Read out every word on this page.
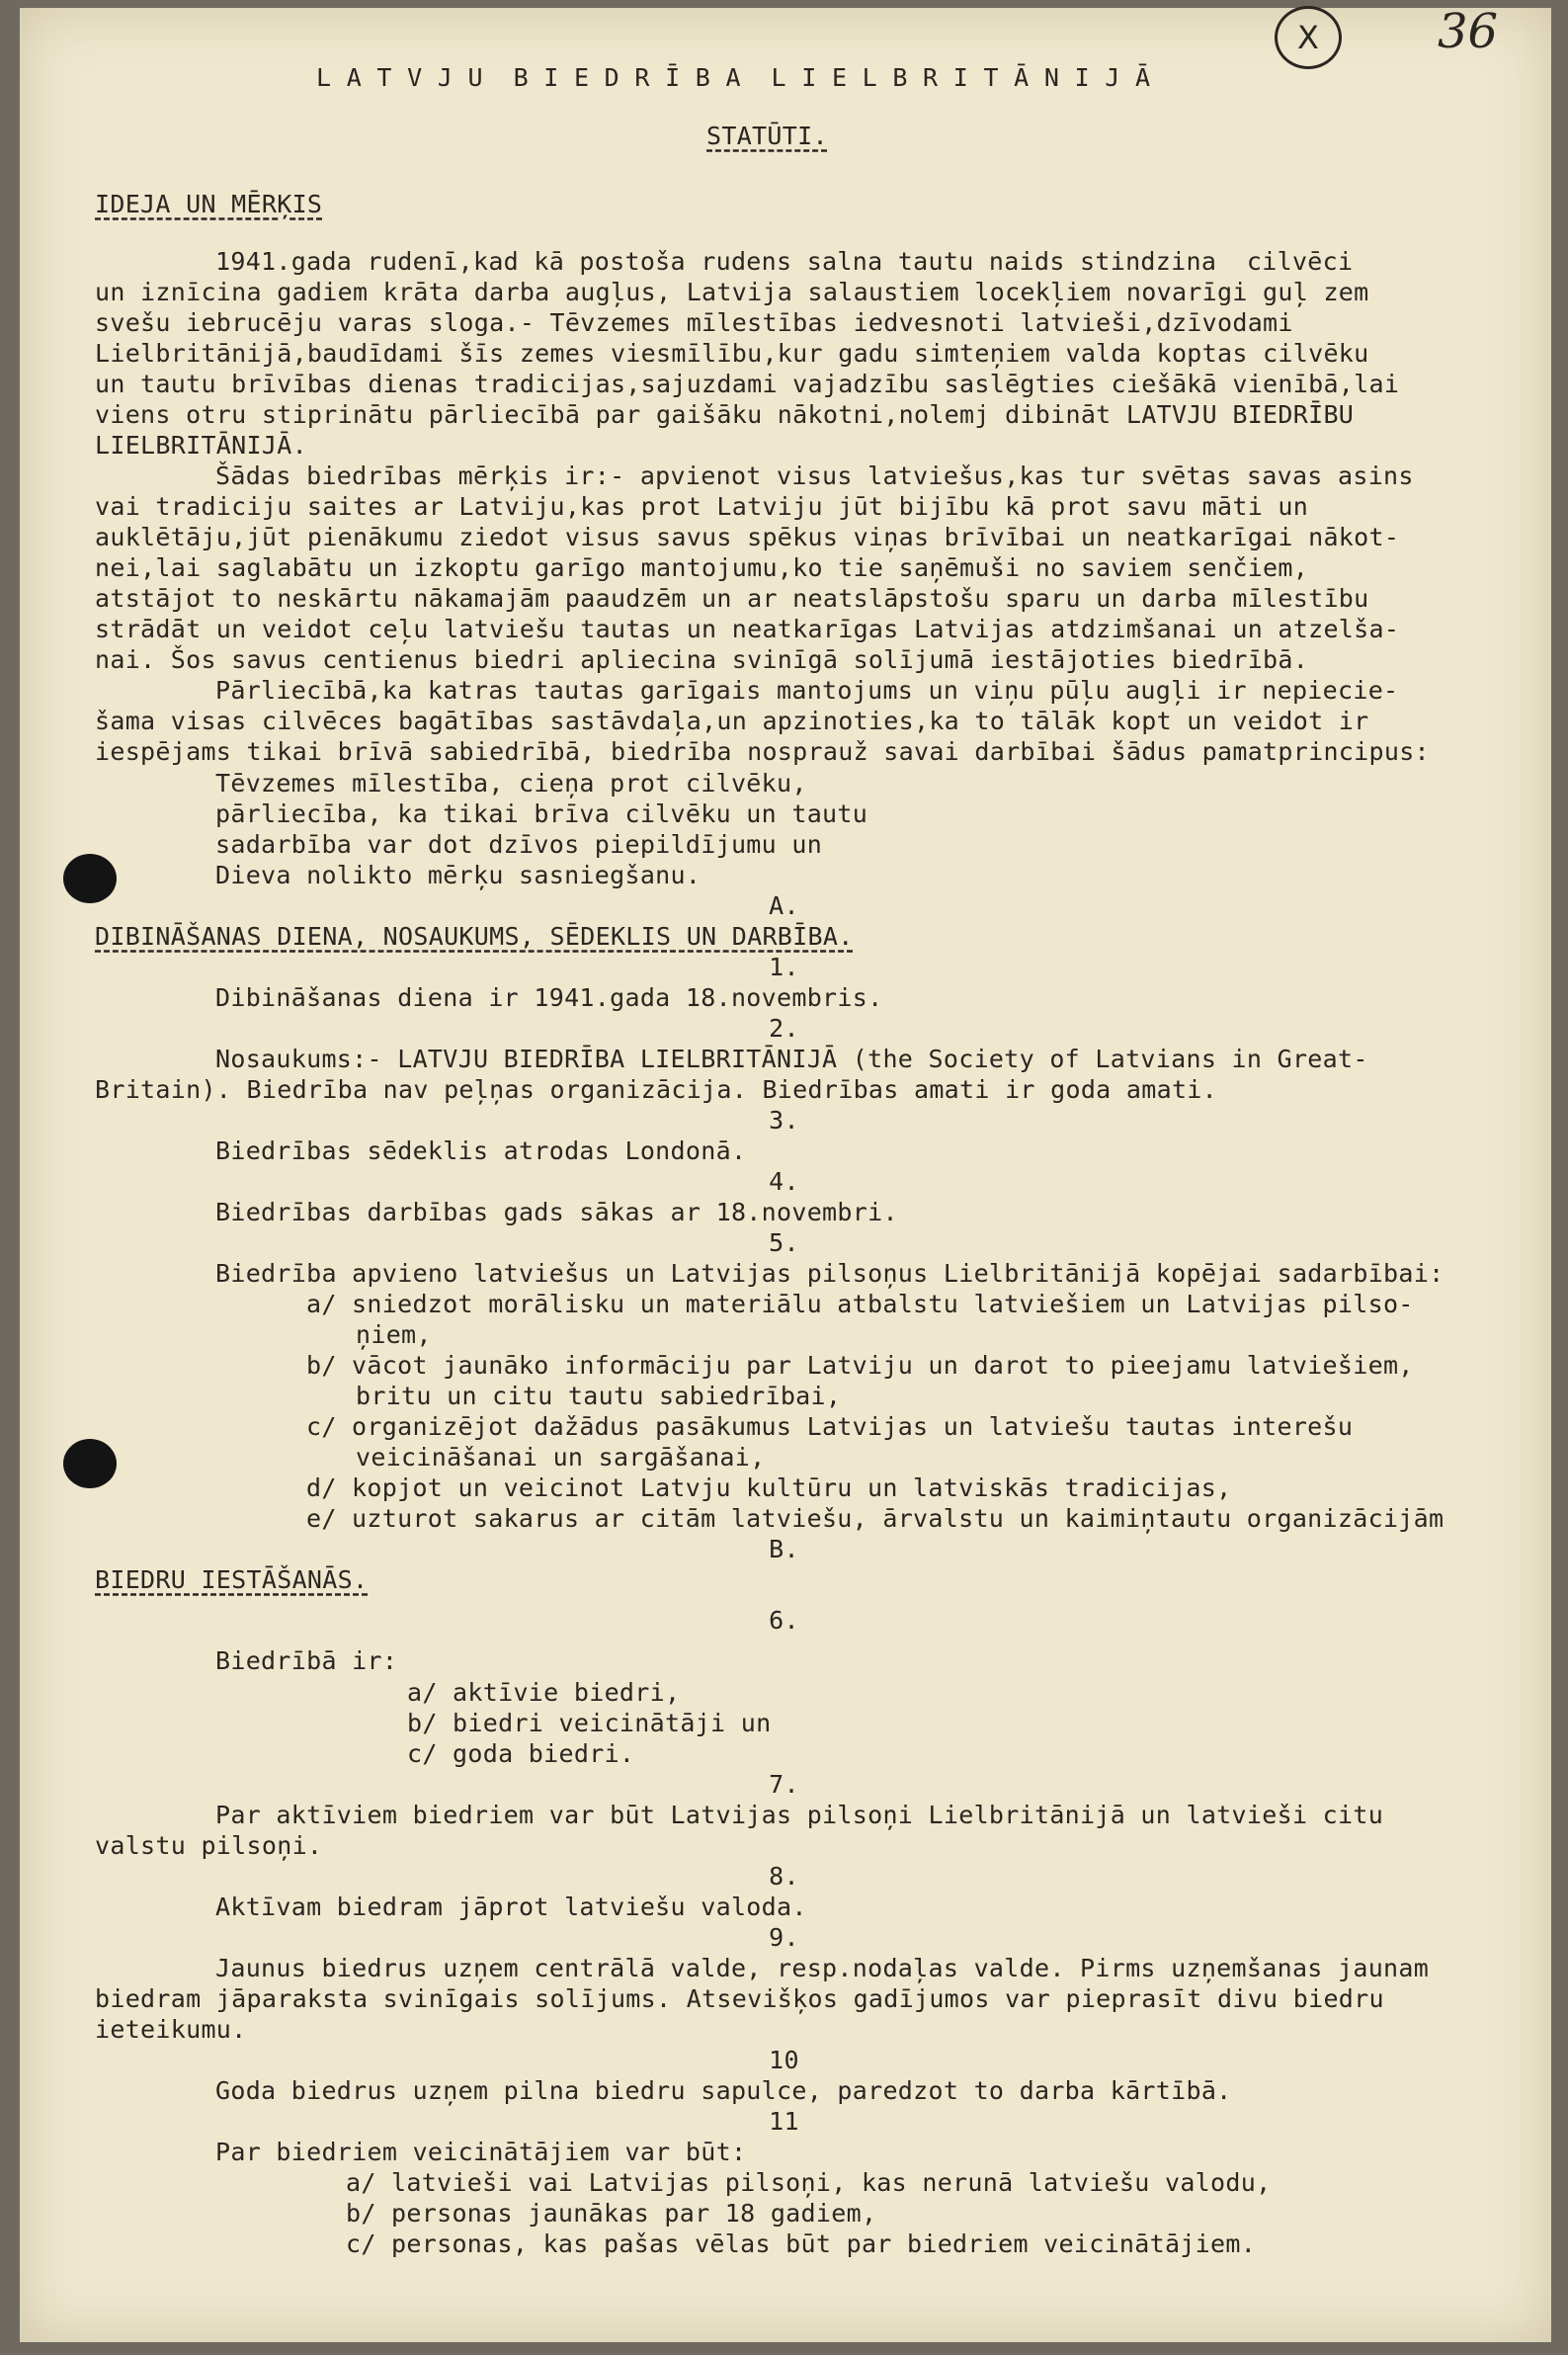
X	36
L A T V J U  B I E D R Ī B A  L I E L B R I T Ā N I J Ā
STATŪTI.
IDEJA UN MĒRĶIS
1941.gada rudenī,kad kā postoša rudens salna tautu naids stindzina  cilvēci
un iznīcina gadiem krāta darba augļus, Latvija salaustiem locekļiem novarīgi guļ zem
svešu iebrucēju varas sloga.- Tēvzemes mīlestības iedvesnoti latvieši,dzīvodami
Lielbritānijā,baudīdami šīs zemes viesmīlību,kur gadu simteņiem valda koptas cilvēku
un tautu brīvības dienas tradicijas,sajuzdami vajadzību saslēgties ciešākā vienībā,lai
viens otru stiprinātu pārliecībā par gaišāku nākotni,nolemj dibināt LATVJU BIEDRĪBU
LIELBRITĀNIJĀ.
Šādas biedrības mērķis ir:- apvienot visus latviešus,kas tur svētas savas asins
vai tradiciju saites ar Latviju,kas prot Latviju jūt bijību kā prot savu māti un
auklētāju,jūt pienākumu ziedot visus savus spēkus viņas brīvībai un neatkarīgai nākot-
nei,lai saglabātu un izkoptu garīgo mantojumu,ko tie saņēmuši no saviem senčiem,
atstājot to neskārtu nākamajām paaudzēm un ar neatslāpstošu sparu un darba mīlestību
strādāt un veidot ceļu latviešu tautas un neatkarīgas Latvijas atdzimšanai un atzelša-
nai. Šos savus centienus biedri apliecina svinīgā solījumā iestājoties biedrībā.
Pārliecībā,ka katras tautas garīgais mantojums un viņu pūļu augļi ir nepiecie-
šama visas cilvēces bagātības sastāvdaļa,un apzinoties,ka to tālāk kopt un veidot ir
iespējams tikai brīvā sabiedrībā, biedrība nosprauž savai darbībai šādus pamatprincipus:
Tēvzemes mīlestība, cieņa prot cilvēku,
pārliecība, ka tikai brīva cilvēku un tautu
sadarbība var dot dzīvos piepildījumu un
Dieva nolikto mērķu sasniegšanu.
A.
DIBINĀŠANAS DIENA, NOSAUKUMS, SĒDEKLIS UN DARBĪBA.
1.
Dibināšanas diena ir 1941.gada 18.novembris.
2.
Nosaukums:- LATVJU BIEDRĪBA LIELBRITĀNIJĀ (the Society of Latvians in Great-
Britain). Biedrība nav peļņas organizācija. Biedrības amati ir goda amati.
3.
Biedrības sēdeklis atrodas Londonā.
4.
Biedrības darbības gads sākas ar 18.novembri.
5.
Biedrība apvieno latviešus un Latvijas pilsoņus Lielbritānijā kopējai sadarbībai:
a/ sniedzot morālisku un materiālu atbalstu latviešiem un Latvijas pilso-
ņiem,
b/ vācot jaunāko informāciju par Latviju un darot to pieejamu latviešiem,
britu un citu tautu sabiedrībai,
c/ organizējot dažādus pasākumus Latvijas un latviešu tautas interešu
veicināšanai un sargāšanai,
d/ kopjot un veicinot Latvju kultūru un latviskās tradicijas,
e/ uzturot sakarus ar citām latviešu, ārvalstu un kaimiņtautu organizācijām
B.
BIEDRU IESTĀŠANĀS.
6.
Biedrībā ir:
a/ aktīvie biedri,
b/ biedri veicinātāji un
c/ goda biedri.
7.
Par aktīviem biedriem var būt Latvijas pilsoņi Lielbritānijā un latvieši citu
valstu pilsoņi.
8.
Aktīvam biedram jāprot latviešu valoda.
9.
Jaunus biedrus uzņem centrālā valde, resp.nodaļas valde. Pirms uzņemšanas jaunam
biedram jāparaksta svinīgais solījums. Atsevišķos gadījumos var pieprasīt divu biedru
ieteikumu.
10
Goda biedrus uzņem pilna biedru sapulce, paredzot to darba kārtībā.
11
Par biedriem veicinātājiem var būt:
a/ latvieši vai Latvijas pilsoņi, kas nerunā latviešu valodu,
b/ personas jaunākas par 18 gadiem,
c/ personas, kas pašas vēlas būt par biedriem veicinātājiem.
